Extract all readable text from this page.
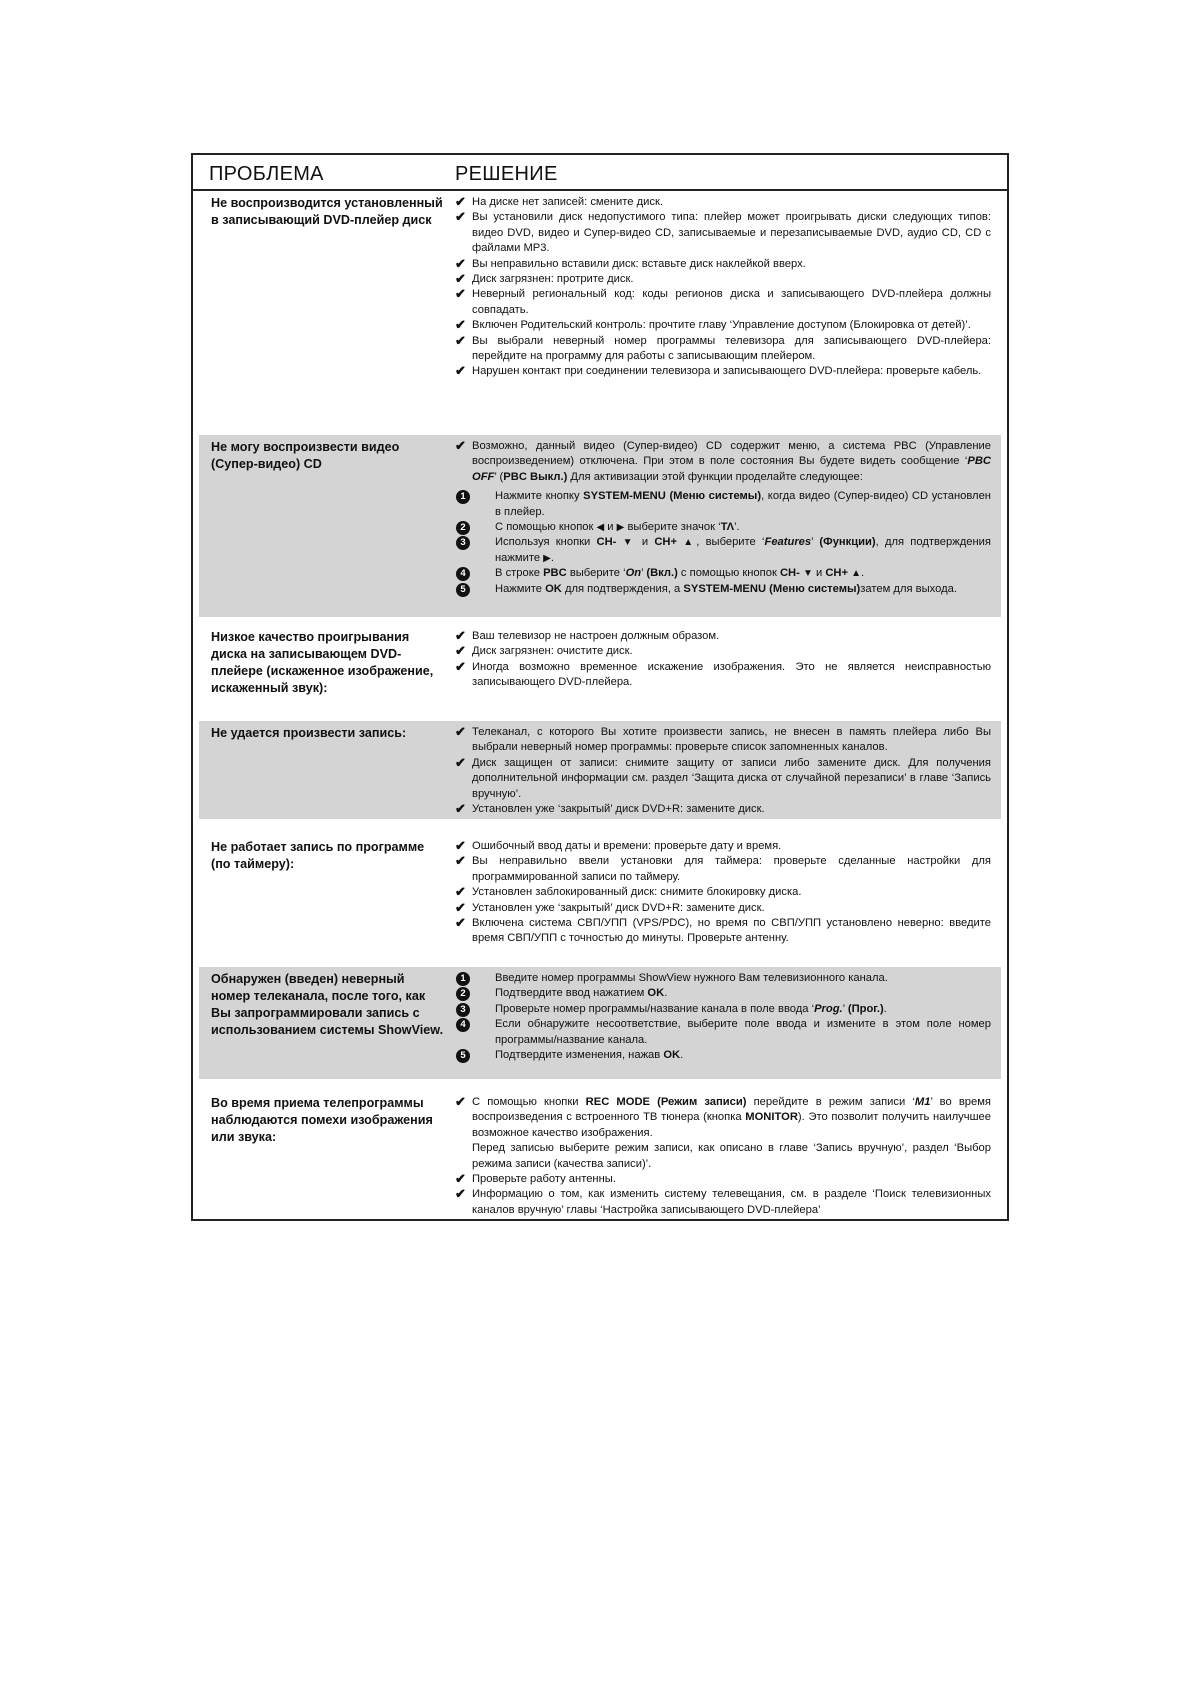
ПРОБЛЕМА	РЕШЕНИЕ
Не воспроизводится установленный в записывающий DVD-плейер диск
✔ На диске нет записей: смените диск.
✔ Вы установили диск недопустимого типа: плейер может проигрывать диски следующих типов: видео DVD, видео и Супер-видео CD, записываемые и перезаписываемые DVD, аудио CD, CD с файлами MP3.
✔ Вы неправильно вставили диск: вставьте диск наклейкой вверх.
✔ Диск загрязнен: протрите диск.
✔ Неверный региональный код: коды регионов диска и записывающего DVD-плейера должны совпадать.
✔ Включен Родительский контроль: прочтите главу ‘Управление доступом (Блокировка от детей)’.
✔ Вы выбрали неверный номер программы телевизора для записывающего DVD-плейера: перейдите на программу для работы с записывающим плейером.
✔ Нарушен контакт при соединении телевизора и записывающего DVD-плейера: проверьте кабель.
Не могу воспроизвести видео (Супер-видео) CD
✔ Возможно, данный видео (Супер-видео) CD содержит меню, а система PBC (Управление воспроизведением) отключена. При этом в поле состояния Вы будете видеть сообщение ‘PBC OFF’ (PBC Выкл.) Для активизации этой функции проделайте следующее:
1	Нажмите кнопку SYSTEM-MENU (Меню системы), когда видео (Супер-видео) CD установлен в плейер.
2	С помощью кнопок ◀ и ▶ выберите значок ‘ΤΛ’.
3	Используя кнопки CH- ▼ и CH+ ▲, выберите ‘Features’ (Функции), для подтверждения нажмите ▶.
4	В строке PBC выберите ‘On’ (Вкл.) с помощью кнопок CH- ▼ и CH+ ▲.
5	Нажмите OK для подтверждения, а SYSTEM-MENU (Меню системы)затем для выхода.
Низкое качество проигрывания диска на записывающем DVD-плейере (искаженное изображение, искаженный звук):
✔ Ваш телевизор не настроен должным образом.
✔ Диск загрязнен: очистите диск.
✔ Иногда возможно временное искажение изображения. Это не является неисправностью записывающего DVD-плейера.
Не удается произвести запись:	✔ Телеканал, с которого Вы хотите произвести запись, не внесен в память плейера либо Вы выбрали неверный номер программы: проверьте список запомненных каналов.
✔ Диск защищен от записи: снимите защиту от записи либо замените диск. Для получения дополнительной информации см. раздел ‘Защита диска от случайной перезаписи’ в главе ‘Запись вручную’.
✔ Установлен уже ‘закрытый’ диск DVD+R: замените диск.
Не работает запись по программе (по таймеру):
✔ Ошибочный ввод даты и времени: проверьте дату и время.
✔ Вы неправильно ввели установки для таймера: проверьте сделанные настройки для программированной записи по таймеру.
✔ Установлен заблокированный диск: снимите блокировку диска.
✔ Установлен уже ‘закрытый’ диск DVD+R: замените диск.
✔ Включена система СВП/УПП (VPS/PDC), но время по СВП/УПП установлено неверно: введите время СВП/УПП с точностью до минуты. Проверьте антенну.
Обнаружен (введен) неверный номер телеканала, после того, как Вы запрограммировали запись с использованием системы ShowView.
1	Введите номер программы ShowView нужного Вам телевизионного канала.
2	Подтвердите ввод нажатием OK.
3	Проверьте номер программы/название канала в поле ввода ‘Prog.’ (Прог.).
4	Если обнаружите несоответствие, выберите поле ввода и измените в этом поле номер программы/название канала.
5	Подтвердите изменения, нажав OK.
Во время приема телепрограммы наблюдаются помехи изображения или звука:
✔ С помощью кнопки REC MODE (Режим записи) перейдите в режим записи ‘M1’ во время воспроизведения с встроенного ТВ тюнера (кнопка MONITOR). Это позволит получить наилучшее возможное качество изображения.
Перед записью выберите режим записи, как описано в главе ‘Запись вручную’, раздел ‘Выбор режима записи (качества записи)’.
✔ Проверьте работу антенны.
✔ Информацию о том, как изменить систему телевещания, см. в разделе ‘Поиск телевизионных каналов вручную’ главы ‘Настройка записывающего DVD-плейера’
